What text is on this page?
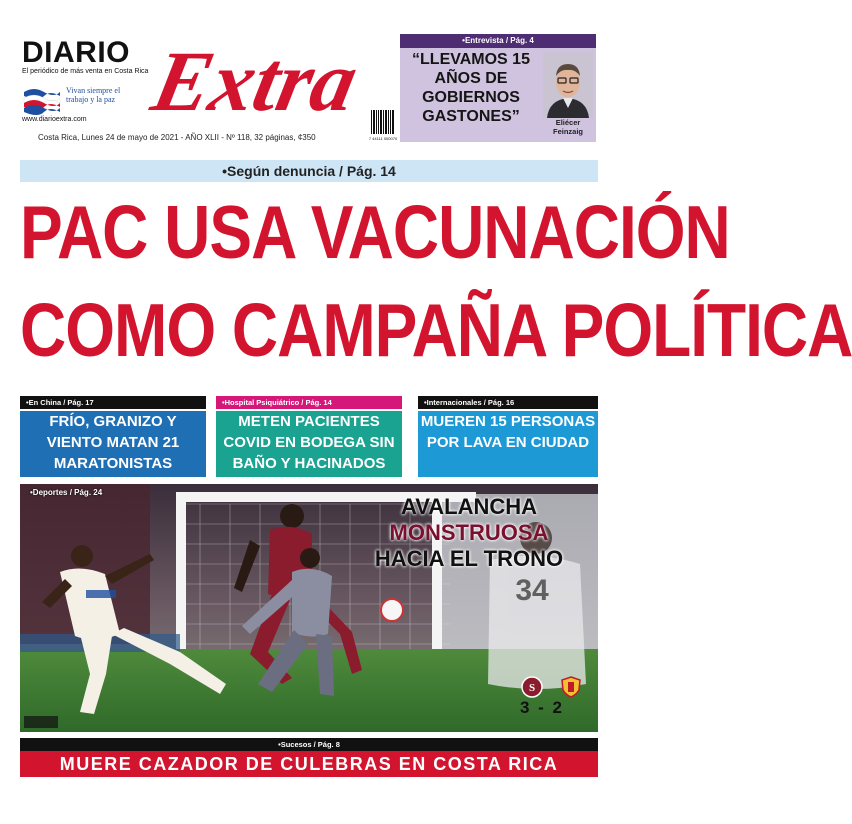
DIARIO
El periódico de más venta en Costa Rica
Vivan siempre el trabajo y la paz
www.diarioextra.com Extra
Costa Rica, Lunes 24 de mayo de 2021 - AÑO XLII - Nº 118, 32 páginas, ¢350	7 44111 000070
•Entrevista / Pág. 4
“LLEVAMOS 15 AÑOS DE GOBIERNOS GASTONES”	Eliécer
Feinzaig
•Según denuncia / Pág. 14
PAC USA VACUNACIÓN
COMO CAMPAÑA POLÍTICA
•En China / Pág. 17
FRÍO, GRANIZO Y VIENTO MATAN 21 MARATONISTAS
•Hospital Psiquiátrico / Pág. 14
METEN PACIENTES COVID EN BODEGA SIN BAÑO Y HACINADOS
•Internacionales / Pág. 16
MUEREN 15 PERSONAS POR LAVA EN CIUDAD
34
•Deportes / Pág. 24
AVALANCHA
MONSTRUOSA
HACIA EL TRONO
S
3 - 2
•Sucesos / Pág. 8
MUERE CAZADOR DE CULEBRAS EN COSTA RICA
